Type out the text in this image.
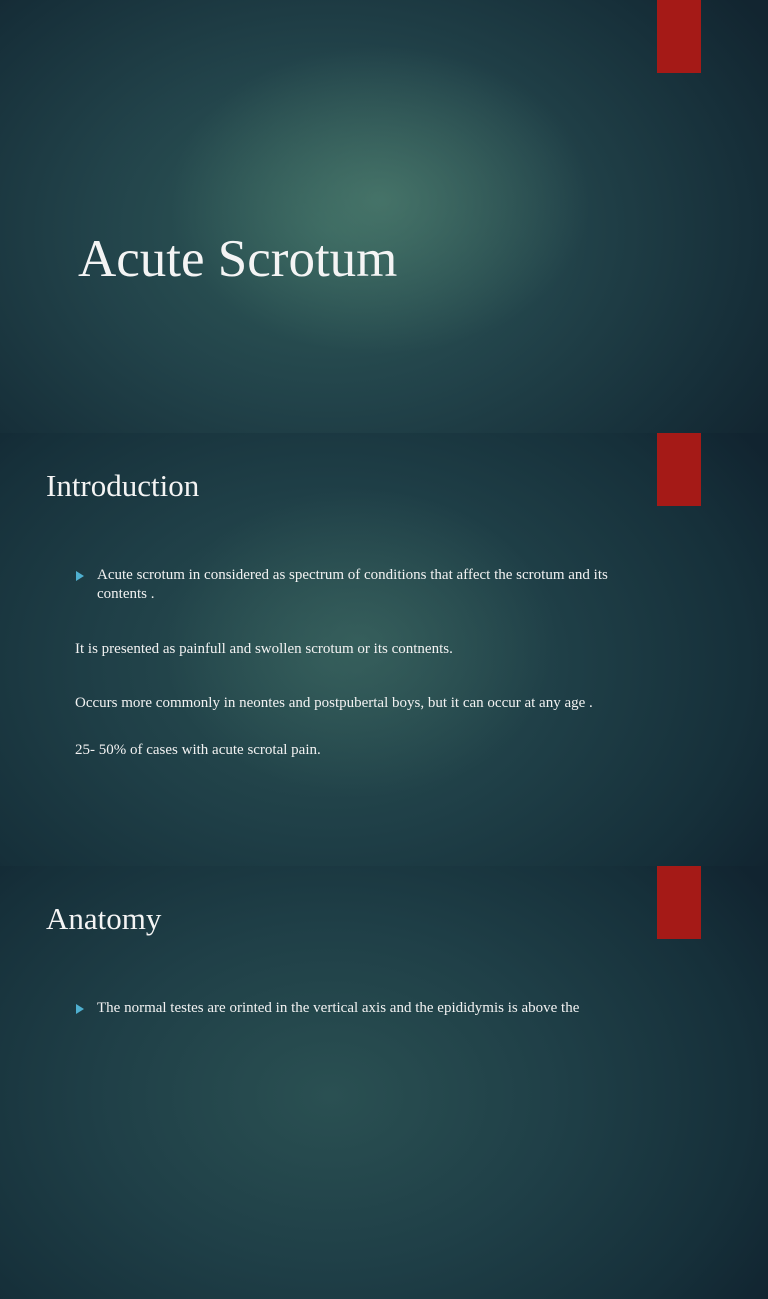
Acute Scrotum
Introduction
Acute scrotum in considered as spectrum of conditions that affect the scrotum and its contents .
It is presented as painfull and swollen scrotum or its contnents.
Occurs more commonly in neontes and postpubertal boys, but it can occur at any age .
25- 50% of cases with acute scrotal pain.
Anatomy
The normal testes are orinted in the vertical axis and the epididymis is above the
